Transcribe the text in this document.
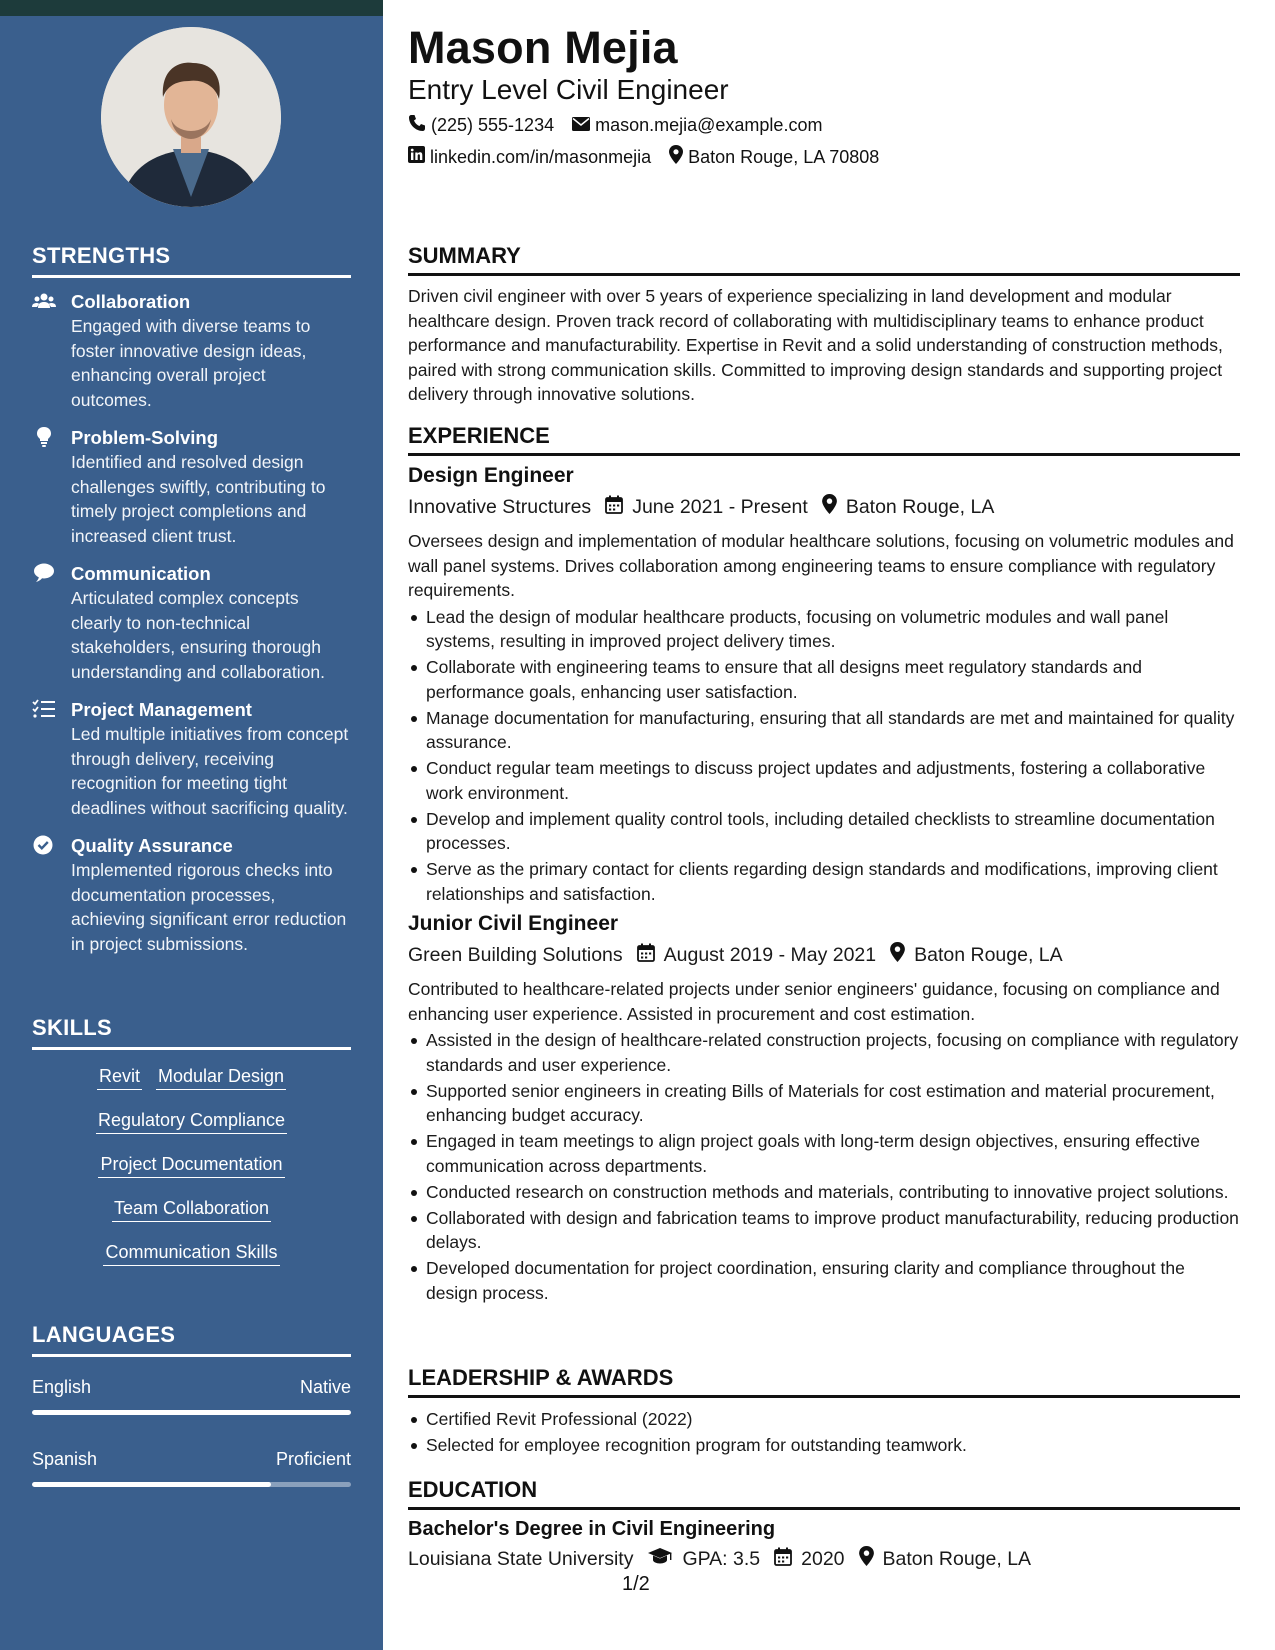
STRENGTHS
Collaboration
Engaged with diverse teams to foster innovative design ideas, enhancing overall project outcomes.
Problem-Solving
Identified and resolved design challenges swiftly, contributing to timely project completions and increased client trust.
Communication
Articulated complex concepts clearly to non-technical stakeholders, ensuring thorough understanding and collaboration.
Project Management
Led multiple initiatives from concept through delivery, receiving recognition for meeting tight deadlines without sacrificing quality.
Quality Assurance
Implemented rigorous checks into documentation processes, achieving significant error reduction in project submissions.
SKILLS
Revit Modular Design
Regulatory Compliance
Project Documentation
Team Collaboration
Communication Skills
LANGUAGES
English	Native
Spanish	Proficient
Mason Mejia
Entry Level Civil Engineer
(225) 555-1234 mason.mejia@example.com
linkedin.com/in/masonmejia Baton Rouge, LA 70808
SUMMARY
Driven civil engineer with over 5 years of experience specializing in land development and modular healthcare design. Proven track record of collaborating with multidisciplinary teams to enhance product performance and manufacturability. Expertise in Revit and a solid understanding of construction methods, paired with strong communication skills. Committed to improving design standards and supporting project delivery through innovative solutions.
EXPERIENCE
Design Engineer
Innovative Structures June 2021 - Present Baton Rouge, LA
Oversees design and implementation of modular healthcare solutions, focusing on volumetric modules and wall panel systems. Drives collaboration among engineering teams to ensure compliance with regulatory requirements.
Lead the design of modular healthcare products, focusing on volumetric modules and wall panel systems, resulting in improved project delivery times.
Collaborate with engineering teams to ensure that all designs meet regulatory standards and performance goals, enhancing user satisfaction.
Manage documentation for manufacturing, ensuring that all standards are met and maintained for quality assurance.
Conduct regular team meetings to discuss project updates and adjustments, fostering a collaborative work environment.
Develop and implement quality control tools, including detailed checklists to streamline documentation processes.
Serve as the primary contact for clients regarding design standards and modifications, improving client relationships and satisfaction.
Junior Civil Engineer
Green Building Solutions August 2019 - May 2021 Baton Rouge, LA
Contributed to healthcare-related projects under senior engineers' guidance, focusing on compliance and enhancing user experience. Assisted in procurement and cost estimation.
Assisted in the design of healthcare-related construction projects, focusing on compliance with regulatory standards and user experience.
Supported senior engineers in creating Bills of Materials for cost estimation and material procurement, enhancing budget accuracy.
Engaged in team meetings to align project goals with long-term design objectives, ensuring effective communication across departments.
Conducted research on construction methods and materials, contributing to innovative project solutions.
Collaborated with design and fabrication teams to improve product manufacturability, reducing production delays.
Developed documentation for project coordination, ensuring clarity and compliance throughout the design process.
LEADERSHIP & AWARDS
Certified Revit Professional (2022)
Selected for employee recognition program for outstanding teamwork.
EDUCATION
Bachelor's Degree in Civil Engineering
Louisiana State University	GPA: 3.5 2020 Baton Rouge, LA
1/2
